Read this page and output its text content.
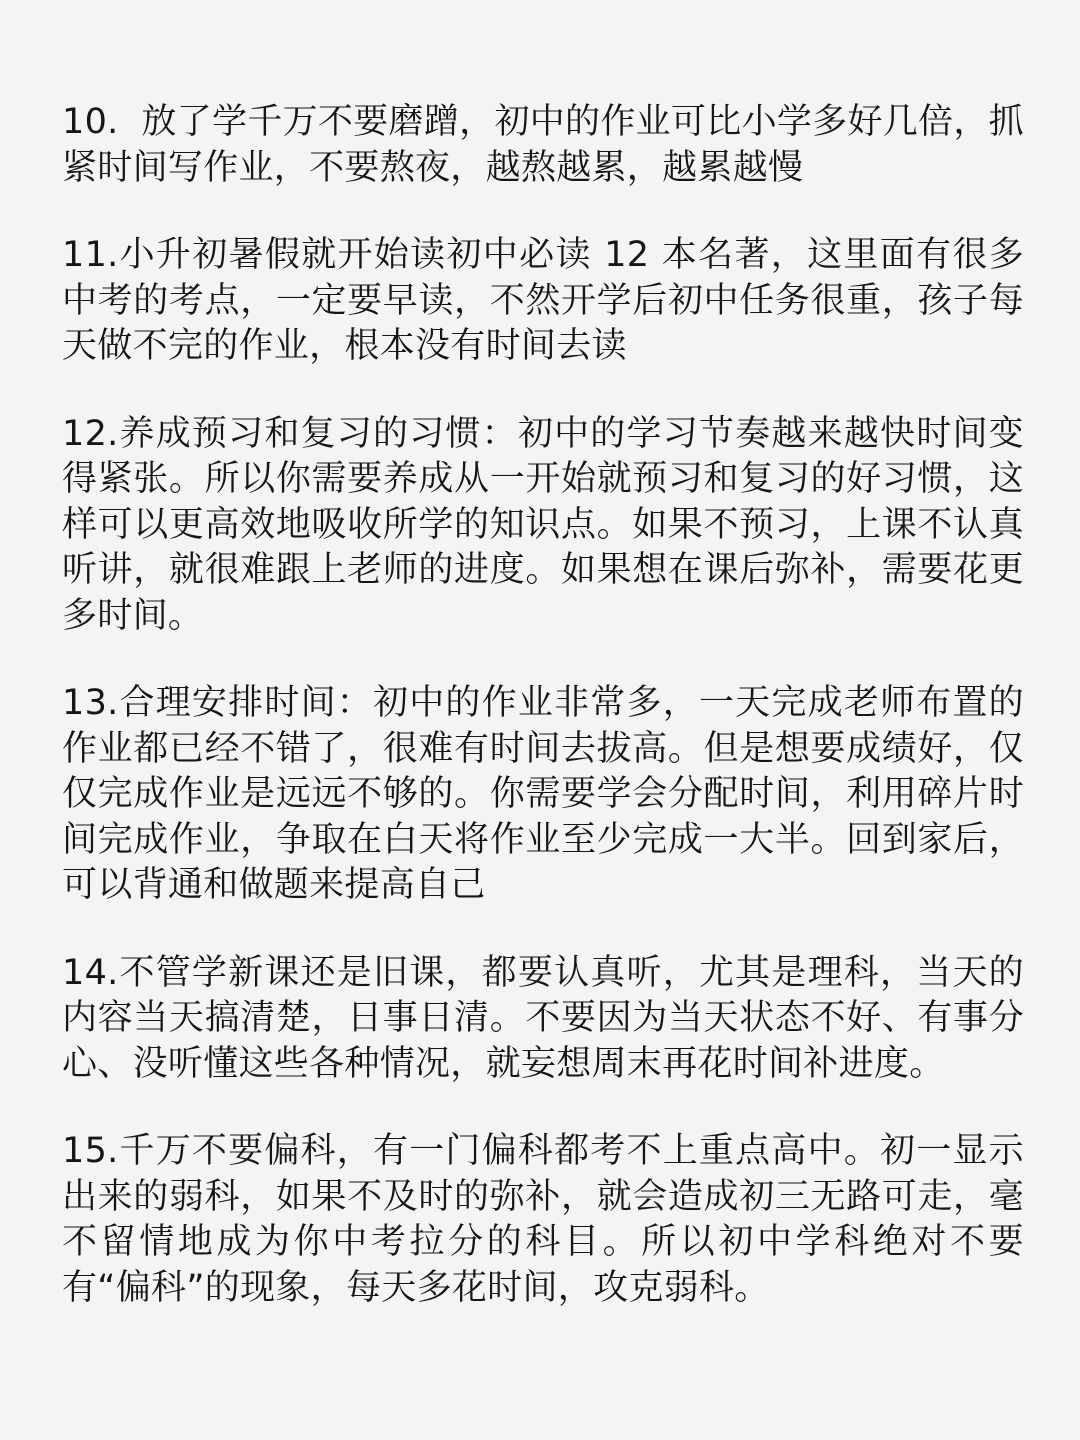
10. 放了学千万不要磨蹭，初中的作业可比小学多好几倍，抓紧时间写作业，不要熬夜，越熬越累，越累越慢

11.小升初暑假就开始读初中必读 12 本名著，这里面有很多中考的考点，一定要早读，不然开学后初中任务很重，孩子每天做不完的作业，根本没有时间去读

12.养成预习和复习的习惯：初中的学习节奏越来越快时间变得紧张。所以你需要养成从一开始就预习和复习的好习惯，这样可以更高效地吸收所学的知识点。如果不预习，上课不认真听讲，就很难跟上老师的进度。如果想在课后弥补，需要花更多时间。

13.合理安排时间：初中的作业非常多，一天完成老师布置的作业都已经不错了，很难有时间去拔高。但是想要成绩好，仅仅完成作业是远远不够的。你需要学会分配时间，利用碎片时间完成作业，争取在白天将作业至少完成一大半。回到家后，可以背通和做题来提高自己

14.不管学新课还是旧课，都要认真听，尤其是理科，当天的内容当天搞清楚，日事日清。不要因为当天状态不好、有事分心、没听懂这些各种情况，就妄想周末再花时间补进度。

15.千万不要偏科，有一门偏科都考不上重点高中。初一显示出来的弱科，如果不及时的弥补，就会造成初三无路可走，毫不留情地成为你中考拉分的科目。所以初中学科绝对不要有“偏科”的现象，每天多花时间，攻克弱科。
